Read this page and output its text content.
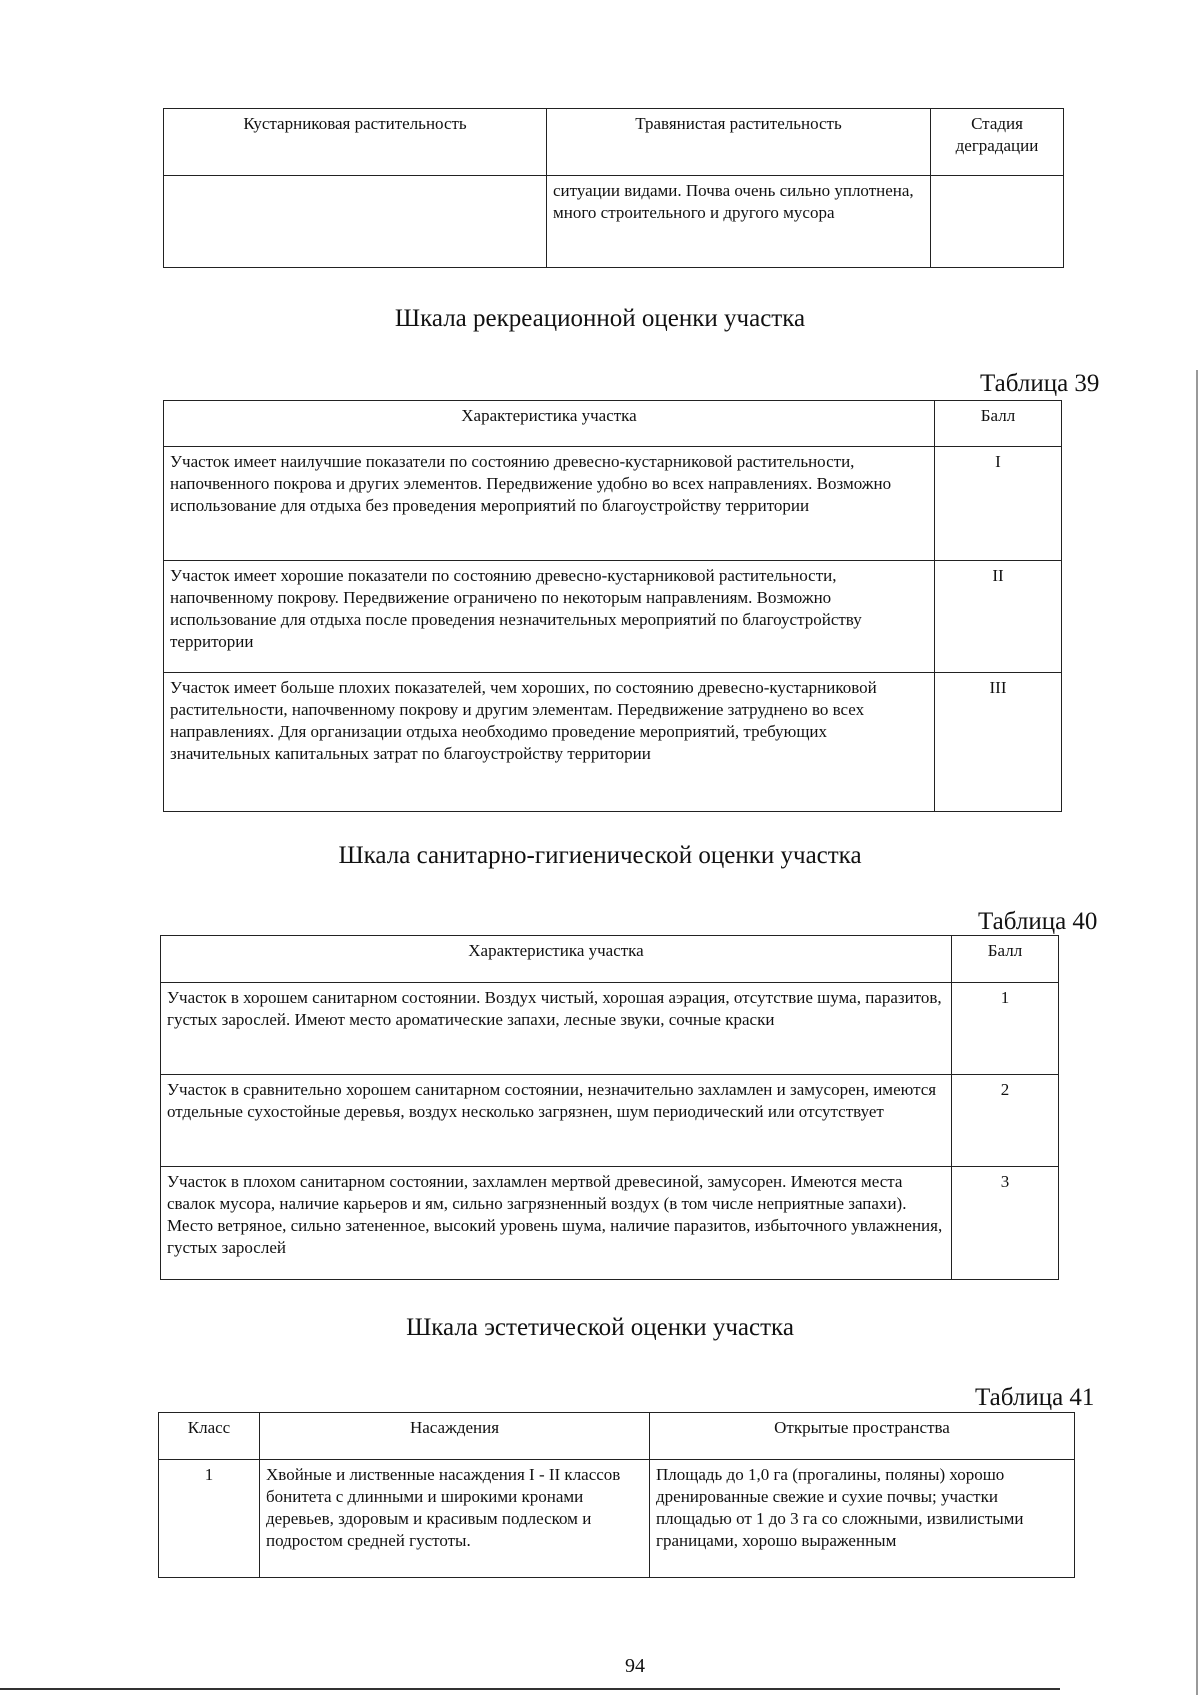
Кустарниковая растительность	Травянистая растительность	Стадия деградации
	ситуации видами. Почва очень сильно уплотнена, много строительного и другого мусора	
Шкала рекреационной оценки участка
Таблица 39
Характеристика участка	Балл
Участок имеет наилучшие показатели по состоянию древесно-кустарниковой растительности, напочвенного покрова и других элементов. Передвижение удобно во всех направлениях. Возможно использование для отдыха без проведения мероприятий по благоустройству территории	I
Участок имеет хорошие показатели по состоянию древесно-кустарниковой растительности, напочвенному покрову. Передвижение ограничено по некоторым направлениям. Возможно использование для отдыха после проведения незначительных мероприятий по благоустройству территории	II
Участок имеет больше плохих показателей, чем хороших, по состоянию древесно-кустарниковой растительности, напочвенному покрову и другим элементам. Передвижение затруднено во всех направлениях. Для организации отдыха необходимо проведение мероприятий, требующих значительных капитальных затрат по благоустройству территории	III
Шкала санитарно-гигиенической оценки участка
Таблица 40
Характеристика участка	Балл
Участок в хорошем санитарном состоянии. Воздух чистый, хорошая аэрация, отсутствие шума, паразитов, густых зарослей. Имеют место ароматические запахи, лесные звуки, сочные краски	1
Участок в сравнительно хорошем санитарном состоянии, незначительно захламлен и замусорен, имеются отдельные сухостойные деревья, воздух несколько загрязнен, шум периодический или отсутствует	2
Участок в плохом санитарном состоянии, захламлен мертвой древесиной, замусорен. Имеются места свалок мусора, наличие карьеров и ям, сильно загрязненный воздух (в том числе неприятные запахи). Место ветряное, сильно затененное, высокий уровень шума, наличие паразитов, избыточного увлажнения, густых зарослей	3
Шкала эстетической оценки участка
Таблица 41
Класс	Насаждения	Открытые пространства
1	Хвойные и лиственные насаждения I - II классов бонитета с длинными и широкими кронами деревьев, здоровым и красивым подлеском и подростом средней густоты.	Площадь до 1,0 га (прогалины, поляны) хорошо дренированные свежие и сухие почвы; участки площадью от 1 до 3 га со сложными, извилистыми границами, хорошо выраженным
94
